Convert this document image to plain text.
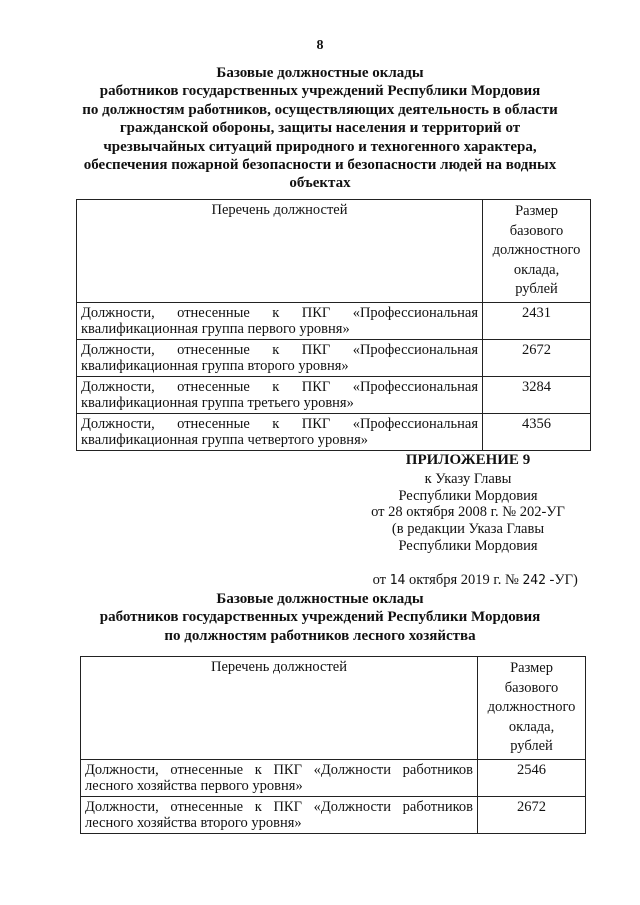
8
Базовые должностные оклады
работников государственных учреждений Республики Мордовия
по должностям работников, осуществляющих деятельность в области
гражданской обороны, защиты населения и территорий от
чрезвычайных ситуаций природного и техногенного характера,
обеспечения пожарной безопасности и безопасности людей на водных
объектах
Перечень должностей	Размер
базового
должностного
оклада,
рублей

Должности, отнесенные к ПКГ «Профессиональная
квалификационная группа первого уровня»	2431

Должности, отнесенные к ПКГ «Профессиональная
квалификационная группа второго уровня»	2672

Должности, отнесенные к ПКГ «Профессиональная
квалификационная группа третьего уровня»	3284

Должности, отнесенные к ПКГ «Профессиональная
квалификационная группа четвертого уровня»	4356
ПРИЛОЖЕНИЕ 9
к Указу Главы
Республики Мордовия
от 28 октября 2008 г. № 202-УГ
(в редакции Указа Главы
Республики Мордовия

от 14 октября 2019 г. № 242 -УГ)

Базовые должностные оклады
работников государственных учреждений Республики Мордовия
по должностям работников лесного хозяйства
Перечень должностей	Размер
базового
должностного
оклада,
рублей

Должности, отнесенные к ПКГ «Должности работников
лесного хозяйства первого уровня»	2546

Должности, отнесенные к ПКГ «Должности работников
лесного хозяйства второго уровня»	2672
